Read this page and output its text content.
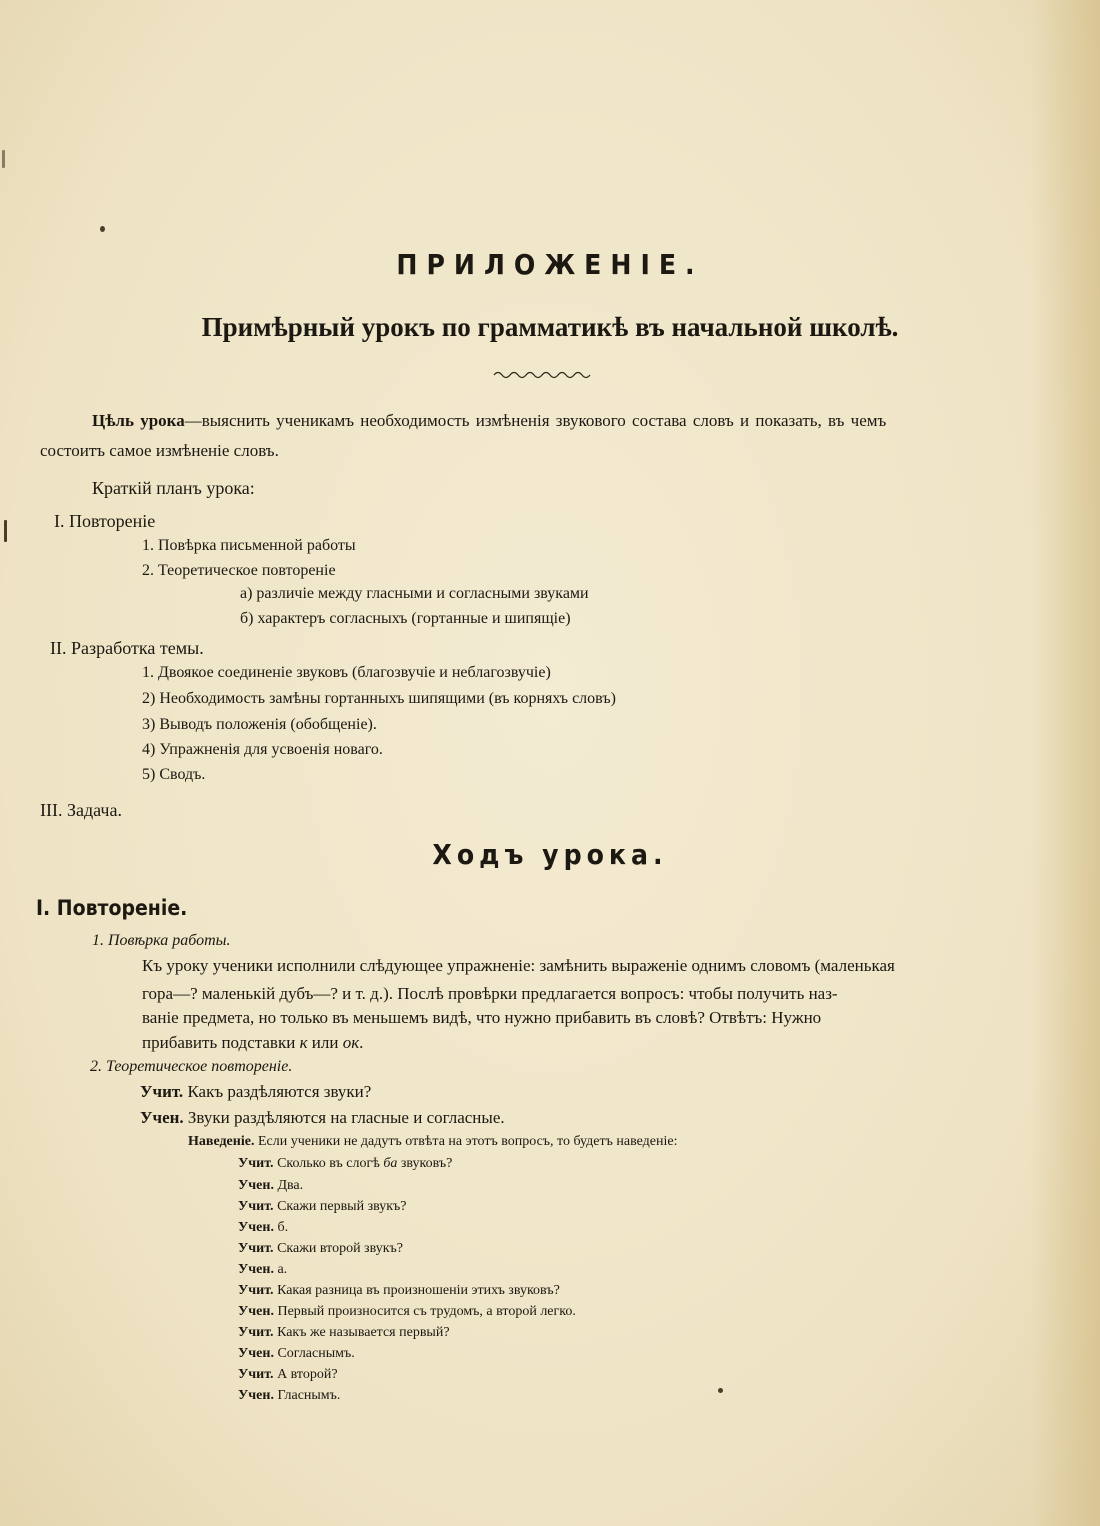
ПРИЛОЖЕНІЕ.
Примѣрный урокъ по грамматикѣ въ начальной школѣ.
Цѣль урока—выяснить ученикамъ необходимость измѣненія звукового состава словъ и показать, въ чемъ
состоитъ самое измѣненіе словъ.
Краткій планъ урока:
I. Повтореніе
1. Повѣрка письменной работы
2. Теоретическое повтореніе
а) различіе между гласными и согласными звуками
б) характеръ согласныхъ (гортанные и шипящіе)
II. Разработка темы.
1. Двоякое соединеніе звуковъ (благозвучіе и неблагозвучіе)
2) Необходимость замѣны гортанныхъ шипящими (въ корняхъ словъ)
3) Выводъ положенія (обобщеніе).
4) Упражненія для усвоенія новаго.
5) Сводъ.
III. Задача.
Ходъ урока.
I. Повтореніе.
1. Повѣрка работы.
Къ уроку ученики исполнили слѣдующее упражненіе: замѣнить выраженіе однимъ словомъ (маленькая
гора—? маленькій дубъ—? и т. д.). Послѣ провѣрки предлагается вопросъ: чтобы получить наз-
ваніе предмета, но только въ меньшемъ видѣ, что нужно прибавить въ словѣ? Отвѣтъ: Нужно
прибавить подставки к или ок.
2. Теоретическое повтореніе.
Учит. Какъ раздѣляются звуки?
Учен. Звуки раздѣляются на гласные и согласные.
Наведеніе. Если ученики не дадутъ отвѣта на этотъ вопросъ, то будетъ наведеніе:
Учит. Сколько въ слогѣ ба звуковъ?
Учен. Два.
Учит. Скажи первый звукъ?
Учен. б.
Учит. Скажи второй звукъ?
Учен. а.
Учит. Какая разница въ произношеніи этихъ звуковъ?
Учен. Первый произносится съ трудомъ, а второй легко.
Учит. Какъ же называется первый?
Учен. Согласнымъ.
Учит. А второй?
Учен. Гласнымъ.
